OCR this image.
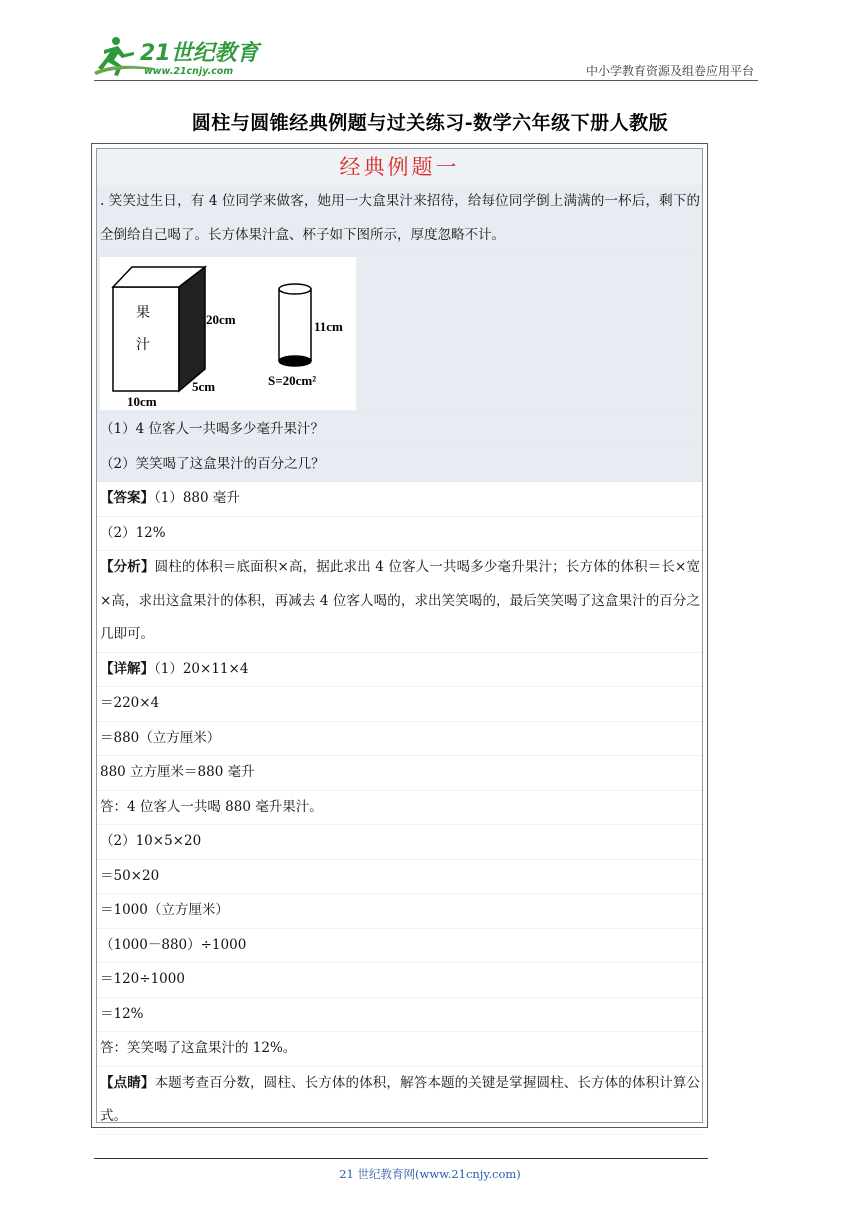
21世纪教育
www.21cnjy.com	中小学教育资源及组卷应用平台
圆柱与圆锥经典例题与过关练习-数学六年级下册人教版
经典例题一
. 笑笑过生日，有 4 位同学来做客，她用一大盒果汁来招待，给每位同学倒上满满的一杯后，剩下的全倒给自己喝了。长方体果汁盒、杯子如下图所示，厚度忽略不计。
果
汁
20cm
5cm
10cm
11cm
S=20cm²
（1）4 位客人一共喝多少毫升果汁？
（2）笑笑喝了这盒果汁的百分之几？
【答案】（1）880 毫升
（2）12%
【分析】圆柱的体积＝底面积×高，据此求出 4 位客人一共喝多少毫升果汁；长方体的体积＝长×宽×高，求出这盒果汁的体积，再减去 4 位客人喝的，求出笑笑喝的，最后笑笑喝了这盒果汁的百分之几即可。
【详解】（1）20×11×4
＝220×4
＝880（立方厘米）
880 立方厘米＝880 毫升
答：4 位客人一共喝 880 毫升果汁。
（2）10×5×20
＝50×20
＝1000（立方厘米）
（1000－880）÷1000
＝120÷1000
＝12%
答：笑笑喝了这盒果汁的 12%。
【点睛】本题考查百分数，圆柱、长方体的体积，解答本题的关键是掌握圆柱、长方体的体积计算公式。
21 世纪教育网(www.21cnjy.com)
